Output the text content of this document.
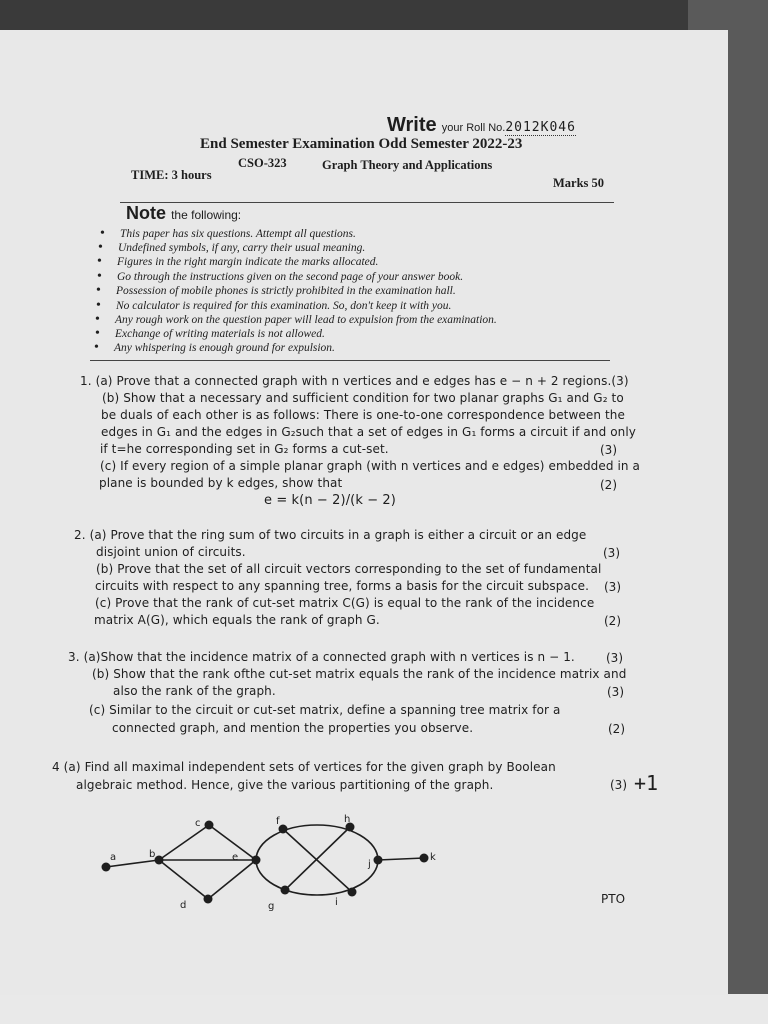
Write your Roll No.2012K046
End Semester Examination Odd Semester 2022-23
CSO-323	Graph Theory and Applications
TIME: 3 hours
Marks 50
Note the following:
• This paper has six questions. Attempt all questions.
• Undefined symbols, if any, carry their usual meaning.
• Figures in the right margin indicate the marks allocated.
• Go through the instructions given on the second page of your answer book.
• Possession of mobile phones is strictly prohibited in the examination hall.
• No calculator is required for this examination. So, don't keep it with you.
• Any rough work on the question paper will lead to expulsion from the examination.
• Exchange of writing materials is not allowed.
• Any whispering is enough ground for expulsion.
1. (a) Prove that a connected graph with n vertices and e edges has e − n + 2 regions.(3)
(b) Show that a necessary and sufficient condition for two planar graphs G₁ and G₂ to
be duals of each other is as follows: There is one-to-one correspondence between the
edges in G₁ and the edges in G₂such that a set of edges in G₁ forms a circuit if and only
if t=he corresponding set in G₂ forms a cut-set.	(3)
(c) If every region of a simple planar graph (with n vertices and e edges) embedded in a
plane is bounded by k edges, show that	(2)
e = k(n − 2)/(k − 2)
2. (a) Prove that the ring sum of two circuits in a graph is either a circuit or an edge
disjoint union of circuits.	(3)
(b) Prove that the set of all circuit vectors corresponding to the set of fundamental
circuits with respect to any spanning tree, forms a basis for the circuit subspace. (3)
(c) Prove that the rank of cut-set matrix C(G) is equal to the rank of the incidence
matrix A(G), which equals the rank of graph G.	(2)
3. (a)Show that the incidence matrix of a connected graph with n vertices is n − 1.	(3)
(b) Show that the rank ofthe cut-set matrix equals the rank of the incidence matrix and
also the rank of the graph.	(3)
(c) Similar to the circuit or cut-set matrix, define a spanning tree matrix for a
connected graph, and mention the properties you observe.	(2)
4 (a) Find all maximal independent sets of vertices for the given graph by Boolean
algebraic method. Hence, give the various partitioning of the graph.	(3) +1
a	b
c
d
e
f
g
h
i
j
k
PTO
